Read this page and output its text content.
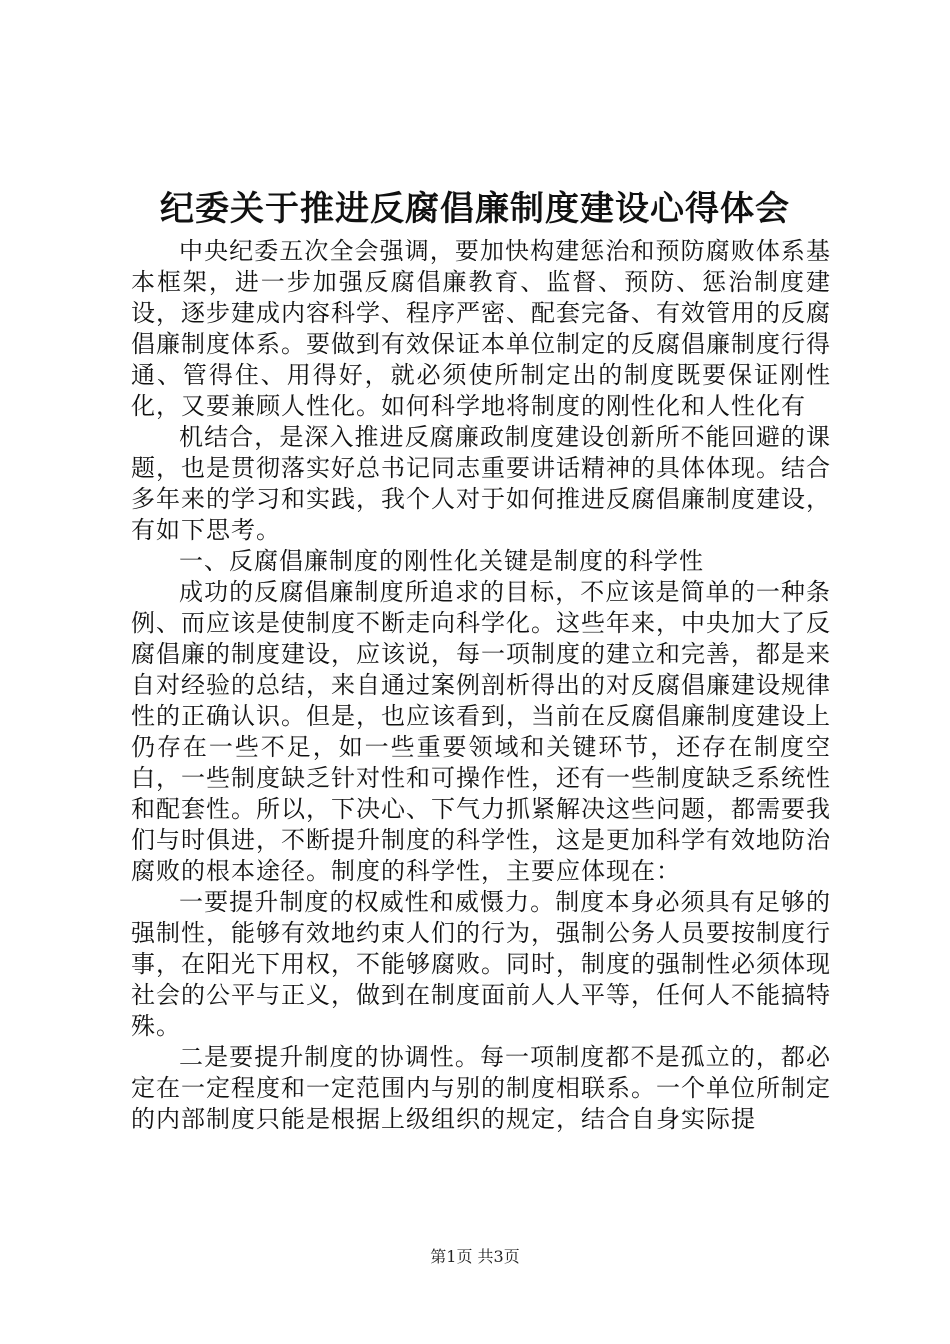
纪委关于推进反腐倡廉制度建设心得体会

中央纪委五次全会强调，要加快构建惩治和预防腐败体系基本框架，进一步加强反腐倡廉教育、监督、预防、惩治制度建设，逐步建成内容科学、程序严密、配套完备、有效管用的反腐倡廉制度体系。要做到有效保证本单位制定的反腐倡廉制度行得通、管得住、用得好，就必须使所制定出的制度既要保证刚性化，又要兼顾人性化。如何科学地将制度的刚性化和人性化有

机结合，是深入推进反腐廉政制度建设创新所不能回避的课题，也是贯彻落实好总书记同志重要讲话精神的具体体现。结合多年来的学习和实践，我个人对于如何推进反腐倡廉制度建设，有如下思考。

一、反腐倡廉制度的刚性化关键是制度的科学性

成功的反腐倡廉制度所追求的目标，不应该是简单的一种条例、而应该是使制度不断走向科学化。这些年来，中央加大了反腐倡廉的制度建设，应该说，每一项制度的建立和完善，都是来自对经验的总结，来自通过案例剖析得出的对反腐倡廉建设规律性的正确认识。但是，也应该看到，当前在反腐倡廉制度建设上仍存在一些不足，如一些重要领域和关键环节，还存在制度空白，一些制度缺乏针对性和可操作性，还有一些制度缺乏系统性和配套性。所以，下决心、下气力抓紧解决这些问题，都需要我们与时俱进，不断提升制度的科学性，这是更加科学有效地防治腐败的根本途径。制度的科学性，主要应体现在：

一要提升制度的权威性和威慑力。制度本身必须具有足够的强制性，能够有效地约束人们的行为，强制公务人员要按制度行事，在阳光下用权，不能够腐败。同时，制度的强制性必须体现社会的公平与正义，做到在制度面前人人平等，任何人不能搞特殊。

二是要提升制度的协调性。每一项制度都不是孤立的，都必定在一定程度和一定范围内与别的制度相联系。一个单位所制定的内部制度只能是根据上级组织的规定，结合自身实际提

第1页 共3页
